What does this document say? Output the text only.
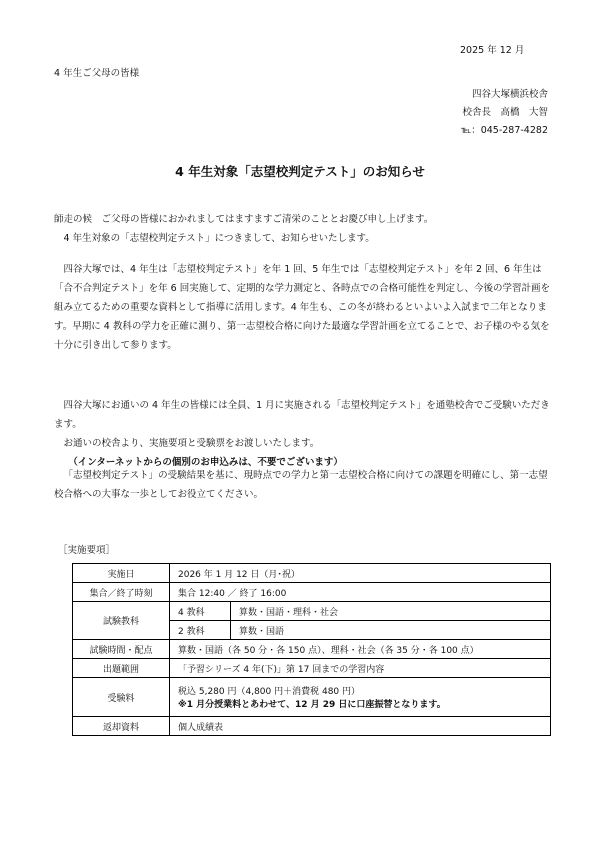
2025 年 12 月
4 年生ご父母の皆様
四谷大塚横浜校舎
校舎長　高橋　大智
℡：045-287-4282
4 年生対象「志望校判定テスト」のお知らせ

師走の候　ご父母の皆様におかれましてはますますご清栄のこととお慶び申し上げます。

4 年生対象の「志望校判定テスト」につきまして、お知らせいたします。

四谷大塚では、4 年生は「志望校判定テスト」を年 1 回、5 年生では「志望校判定テスト」を年 2 回、6 年生は「合不合判定テスト」を年 6 回実施して、定期的な学力測定と、各時点での合格可能性を判定し、今後の学習計画を組み立てるための重要な資料として指導に活用します。4 年生も、この冬が終わるといよいよ入試まで二年となります。早期に 4 教科の学力を正確に測り、第一志望校合格に向けた最適な学習計画を立てることで、お子様のやる気を十分に引き出して参ります。

四谷大塚にお通いの 4 年生の皆様には全員、1 月に実施される「志望校判定テスト」を通塾校舎でご受験いただきます。

お通いの校舎より、実施要項と受験票をお渡しいたします。

（インターネットからの個別のお申込みは、不要でございます）

「志望校判定テスト」の受験結果を基に、現時点での学力と第一志望校合格に向けての課題を明確にし、第一志望校合格への大事な一歩としてお役立てください。

［実施要項］
実施日	2026 年 1 月 12 日（月･祝）	
集合／終了時刻	集合 12:40 ／ 終了 16:00	
試験教科	4 教科	算数・国語・理科・社会
	2 教科	算数・国語
試験時間・配点	算数・国語（各 50 分・各 150 点）、理科・社会（各 35 分・各 100 点）	
出題範囲	「予習シリーズ 4 年(下)」第 17 回までの学習内容	
受験料	税込 5,280 円（4,800 円＋消費税 480 円）
※1 月分授業料とあわせて、12 月 29 日に口座振替となります。	

返却資料	個人成績表	
